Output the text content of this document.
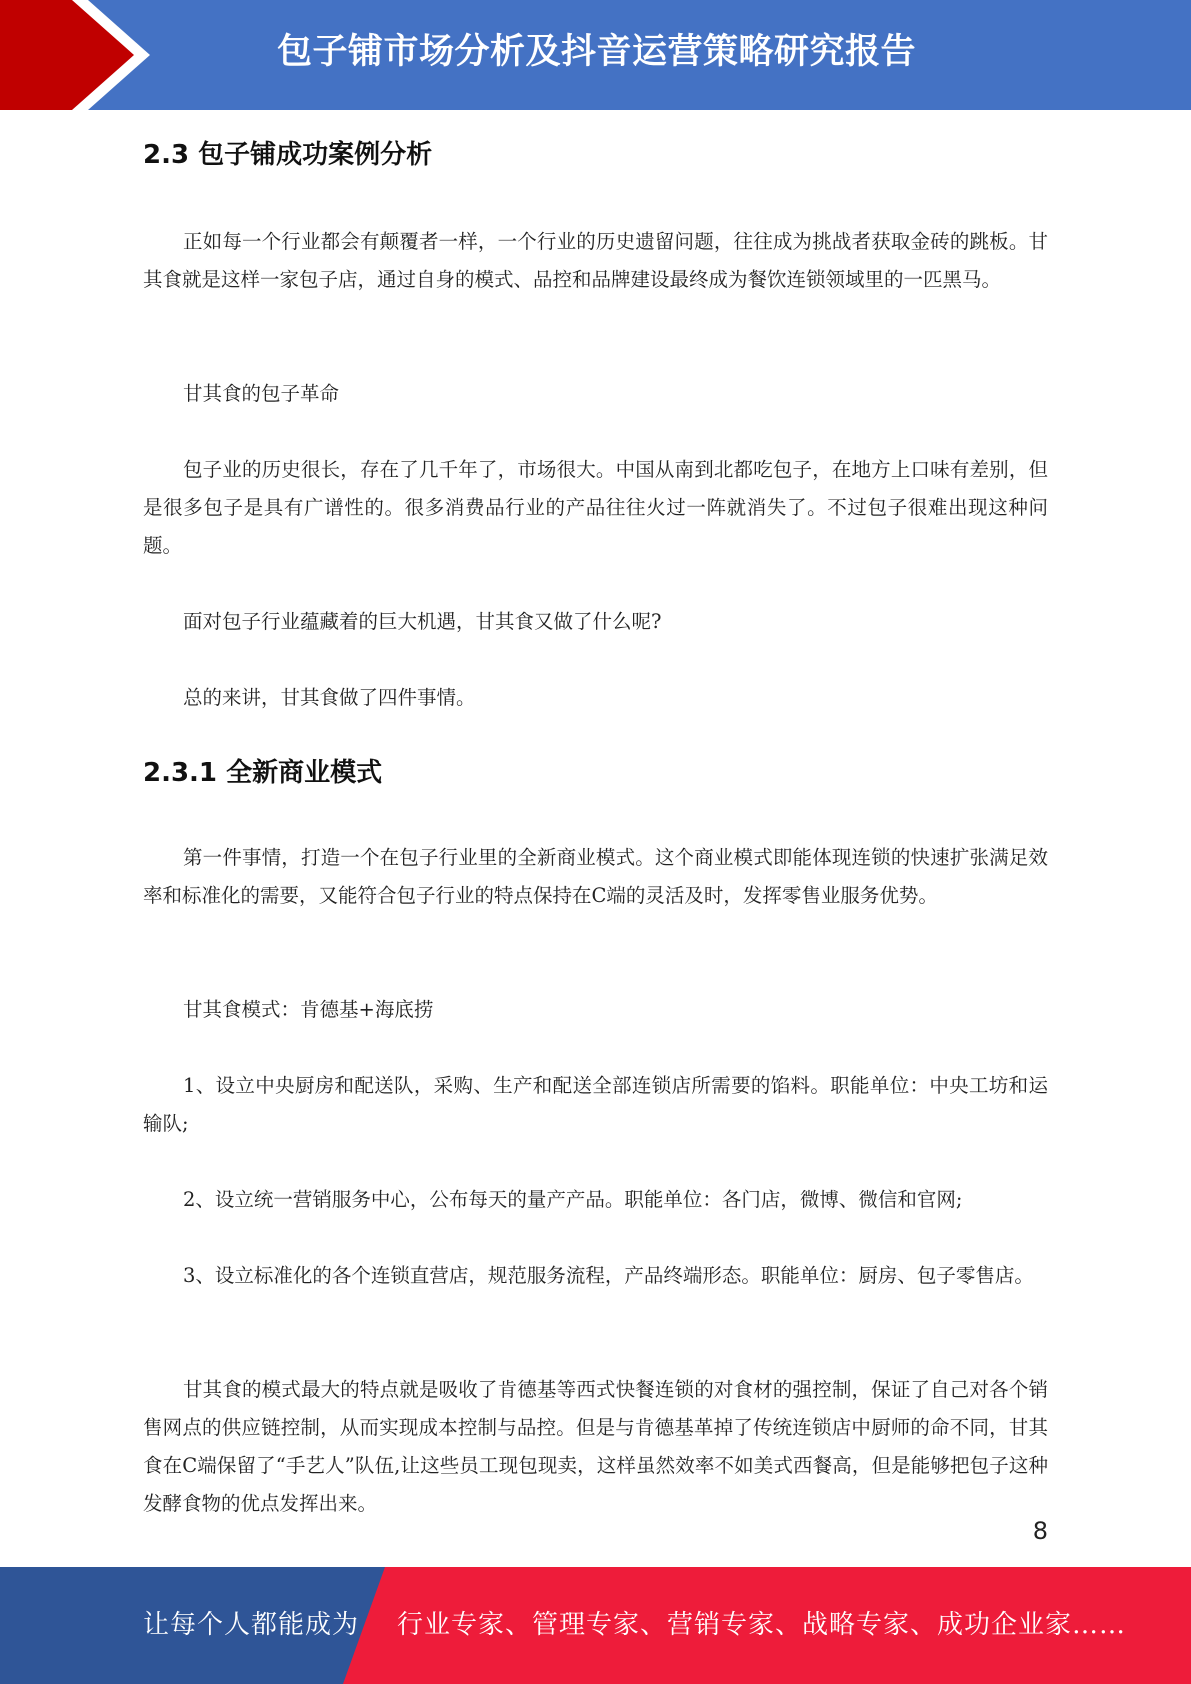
包子铺市场分析及抖音运营策略研究报告
2.3 包子铺成功案例分析

正如每一个行业都会有颠覆者一样，一个行业的历史遗留问题，往往成为挑战者获取金砖的跳板。甘其食就是这样一家包子店，通过自身的模式、品控和品牌建设最终成为餐饮连锁领域里的一匹黑马。

甘其食的包子革命

包子业的历史很长，存在了几千年了，市场很大。中国从南到北都吃包子，在地方上口味有差别，但是很多包子是具有广谱性的。很多消费品行业的产品往往火过一阵就消失了。不过包子很难出现这种问题。

面对包子行业蕴藏着的巨大机遇，甘其食又做了什么呢?

总的来讲，甘其食做了四件事情。

2.3.1 全新商业模式

第一件事情，打造一个在包子行业里的全新商业模式。这个商业模式即能体现连锁的快速扩张满足效率和标准化的需要，又能符合包子行业的特点保持在C端的灵活及时，发挥零售业服务优势。

甘其食模式：肯德基+海底捞

1、设立中央厨房和配送队，采购、生产和配送全部连锁店所需要的馅料。职能单位：中央工坊和运输队;

2、设立统一营销服务中心，公布每天的量产产品。职能单位：各门店，微博、微信和官网;

3、设立标准化的各个连锁直营店，规范服务流程，产品终端形态。职能单位：厨房、包子零售店。

甘其食的模式最大的特点就是吸收了肯德基等西式快餐连锁的对食材的强控制，保证了自己对各个销售网点的供应链控制，从而实现成本控制与品控。但是与肯德基革掉了传统连锁店中厨师的命不同，甘其食在C端保留了“手艺人”队伍,让这些员工现包现卖，这样虽然效率不如美式西餐高，但是能够把包子这种发酵食物的优点发挥出来。

8
让每个人都能成为 行业专家、管理专家、营销专家、战略专家、成功企业家……
